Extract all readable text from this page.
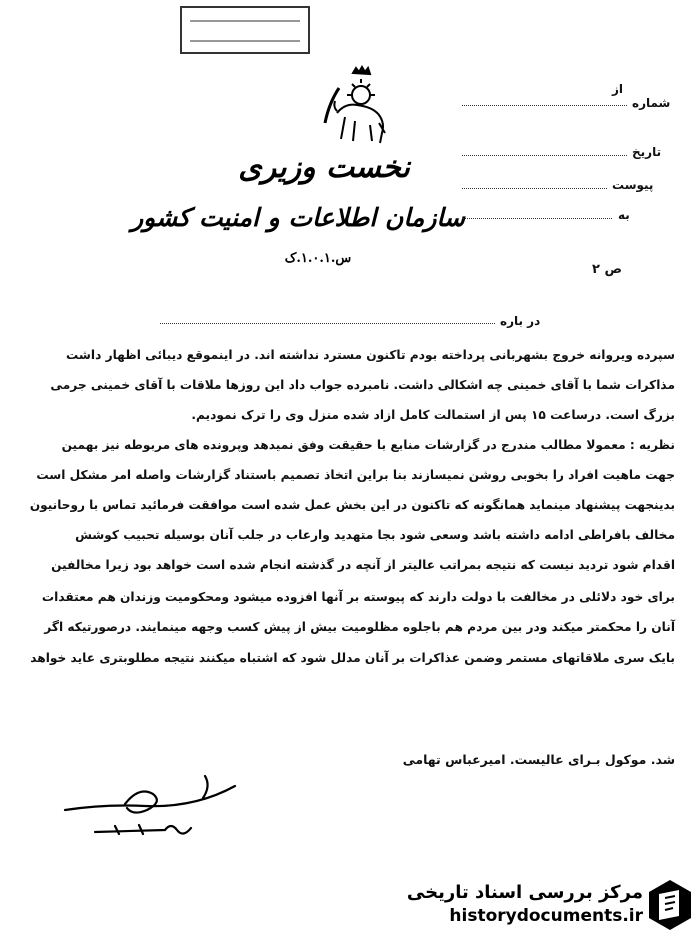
نخست وزیری
سازمان اطلاعات و امنیت کشور
س.۱.۰.۱.ک
از
شماره
تاریخ
پیوست
به
ص ۲
در باره
سپرده ویروانه خروج بشهربانی پرداخته بودم تاکنون مسترد نداشته اند. در اینموقع دیبائی اظهار داشت
مذاکرات شما با آقای خمینی چه اشکالی داشت. نامبرده جواب داد این روزها ملاقات با آقای خمینی جرمی
بزرگ است. درساعت ۱۵ پس از استمالت کامل ازاد شده منزل وی را ترک نمودیم.
نظریه : معمولا مطالب مندرج در گزارشات منابع با حقیقت وفق نمیدهد وپرونده های مربوطه نیز بهمین
جهت ماهیت افراد را بخوبی روشن نمیسازند بنا براین اتخاذ تصمیم باستناد گزارشات واصله امر مشکل است
بدینجهت پیشنهاد مینماید همانگونه که تاکنون در این بخش عمل شده است موافقت فرمائید تماس با روحانیون
مخالف بافراطی ادامه داشته باشد وسعی شود بجا متهدید وارعاب در جلب آنان بوسیله تحبیب کوشش
اقدام شود تردید نیست که نتیجه بمراتب عالیتر از آنچه در گذشته انجام شده است خواهد بود زیرا مخالفین
برای خود دلائلی در مخالفت با دولت دارند که پیوسته بر آنها افزوده میشود ومحکومیت وزندان هم معتقدات
آنان را محکمتر میکند ودر بین مردم هم باجلوه مظلومیت بیش از پیش کسب وجهه مینمایند. درصورتیکه اگر
بایک سری ملاقاتهای مستمر وضمن عذاکرات بر آنان مدلل شود که اشتباه میکنند نتیجه مطلوبتری عاید خواهد
شد. موکول بـرای عالیست. امیرعباس تهامی
مرکز بررسی اسناد تاریخی
historydocuments.ir
